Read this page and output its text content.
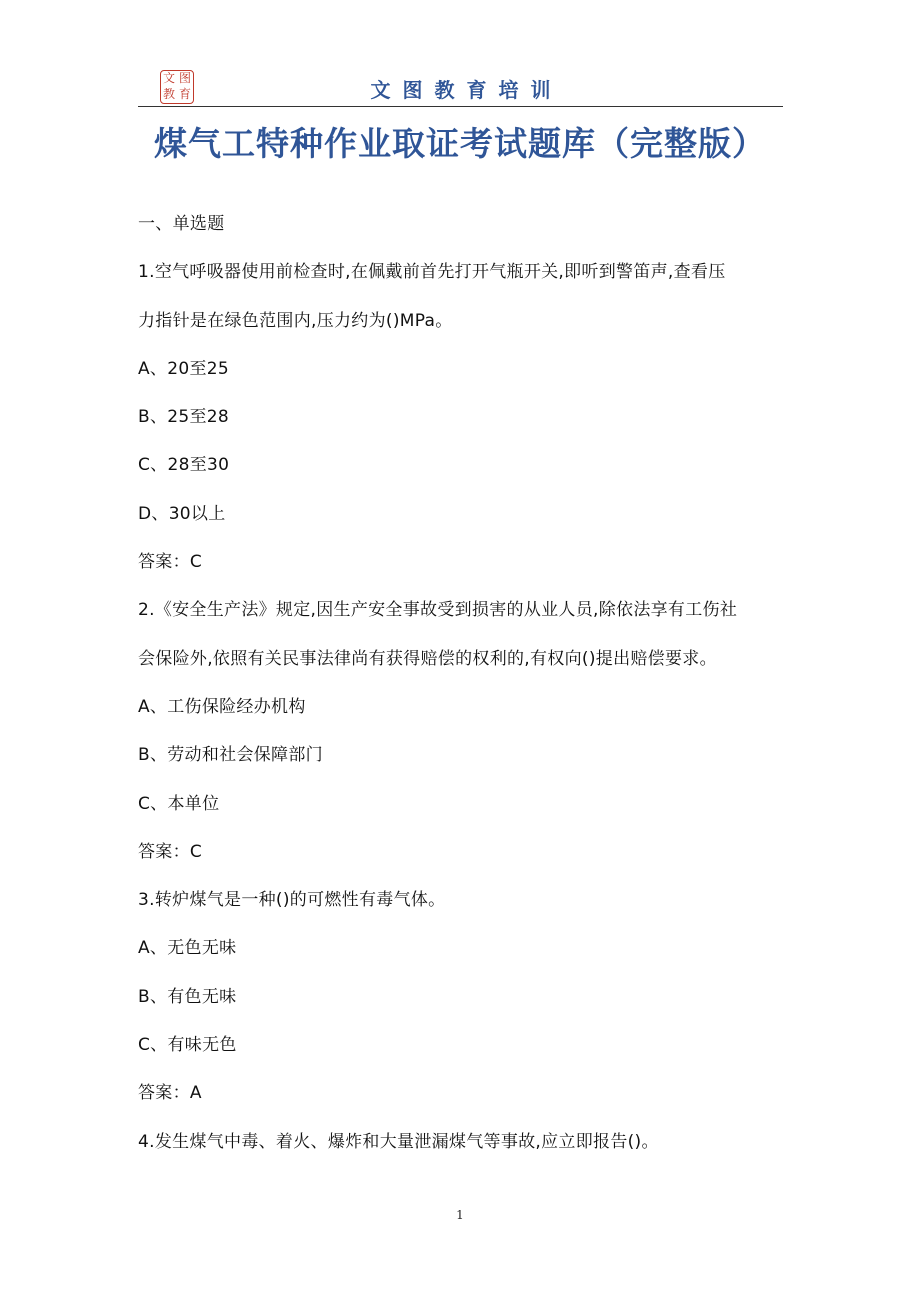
文 图
教 育	文图教育培训
煤气工特种作业取证考试题库（完整版）
一、单选题
1.空气呼吸器使用前检查时,在佩戴前首先打开气瓶开关,即听到警笛声,查看压
力指针是在绿色范围内,压力约为()MPa。
A、20至25
B、25至28
C、28至30
D、30以上
答案：C
2.《安全生产法》规定,因生产安全事故受到损害的从业人员,除依法享有工伤社
会保险外,依照有关民事法律尚有获得赔偿的权利的,有权向()提出赔偿要求。
A、工伤保险经办机构
B、劳动和社会保障部门
C、本单位
答案：C
3.转炉煤气是一种()的可燃性有毒气体。
A、无色无味
B、有色无味
C、有味无色
答案：A
4.发生煤气中毒、着火、爆炸和大量泄漏煤气等事故,应立即报告()。
1
